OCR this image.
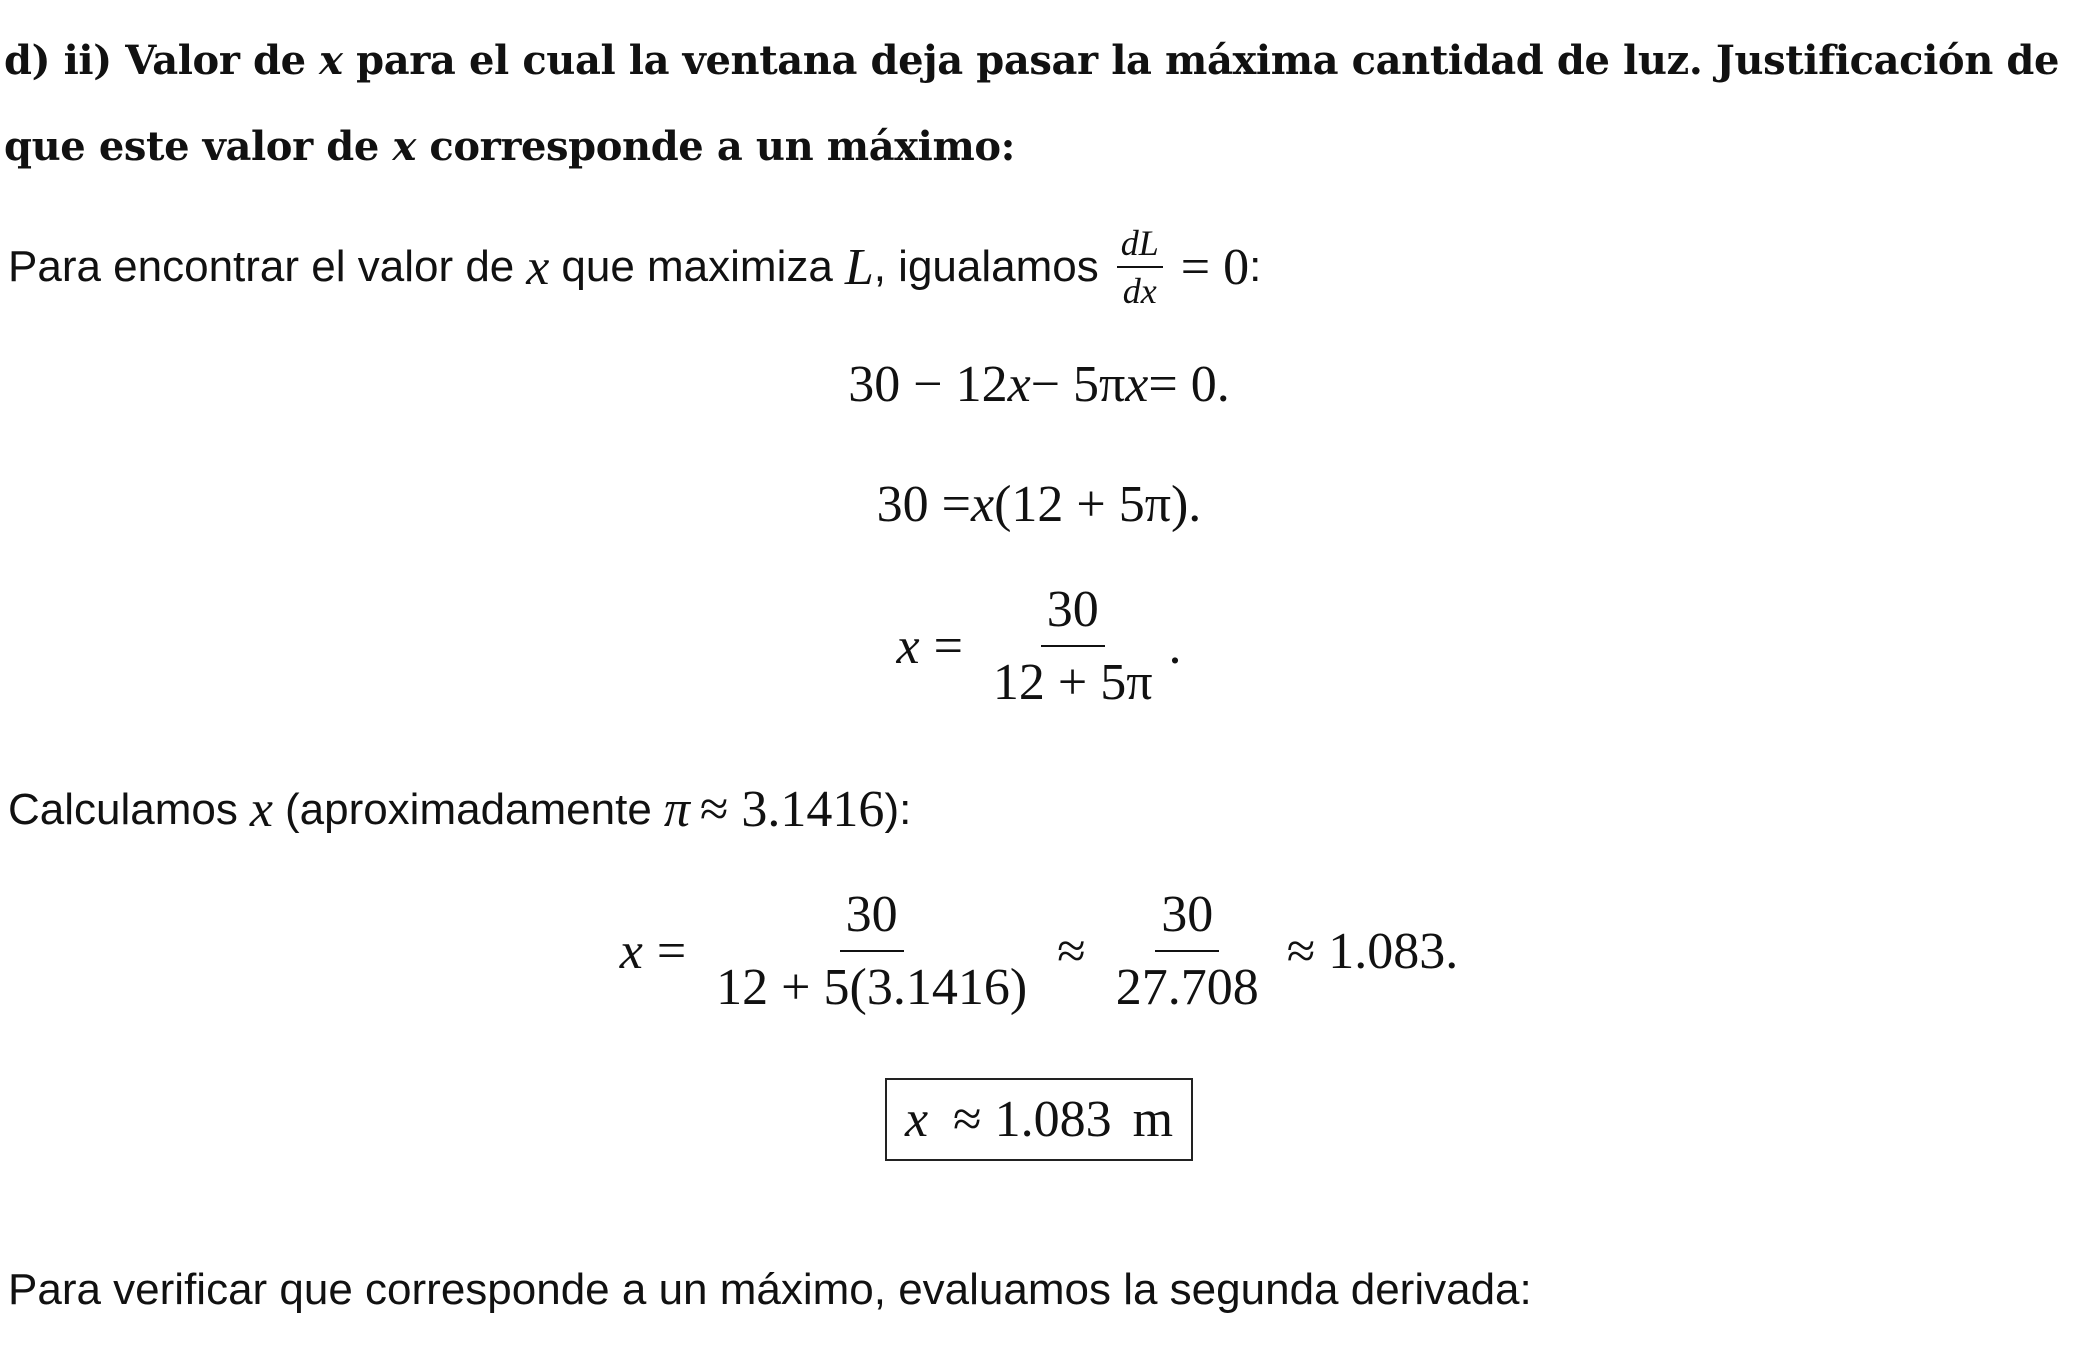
d) ii) Valor de x para el cual la ventana deja pasar la máxima cantidad de luz. Justificación de que este valor de x corresponde a un máximo:
Para encontrar el valor de x que maximiza L , igualamos $\frac{dL}{dx} = 0$ :
30 − 12 x − 5π x = 0.
30 = x (12 + 5π).
$x = \frac{30}{12 + 5\pi}$ .
Calculamos x (aproximadamente π ≈ 3.1416 ):
$x = \frac{30}{12 + 5(3.1416)} \approx \frac{30}{27.708} \approx 1.083$.
x ≈ 1.083 m
Para verificar que corresponde a un máximo, evaluamos la segunda derivada:
